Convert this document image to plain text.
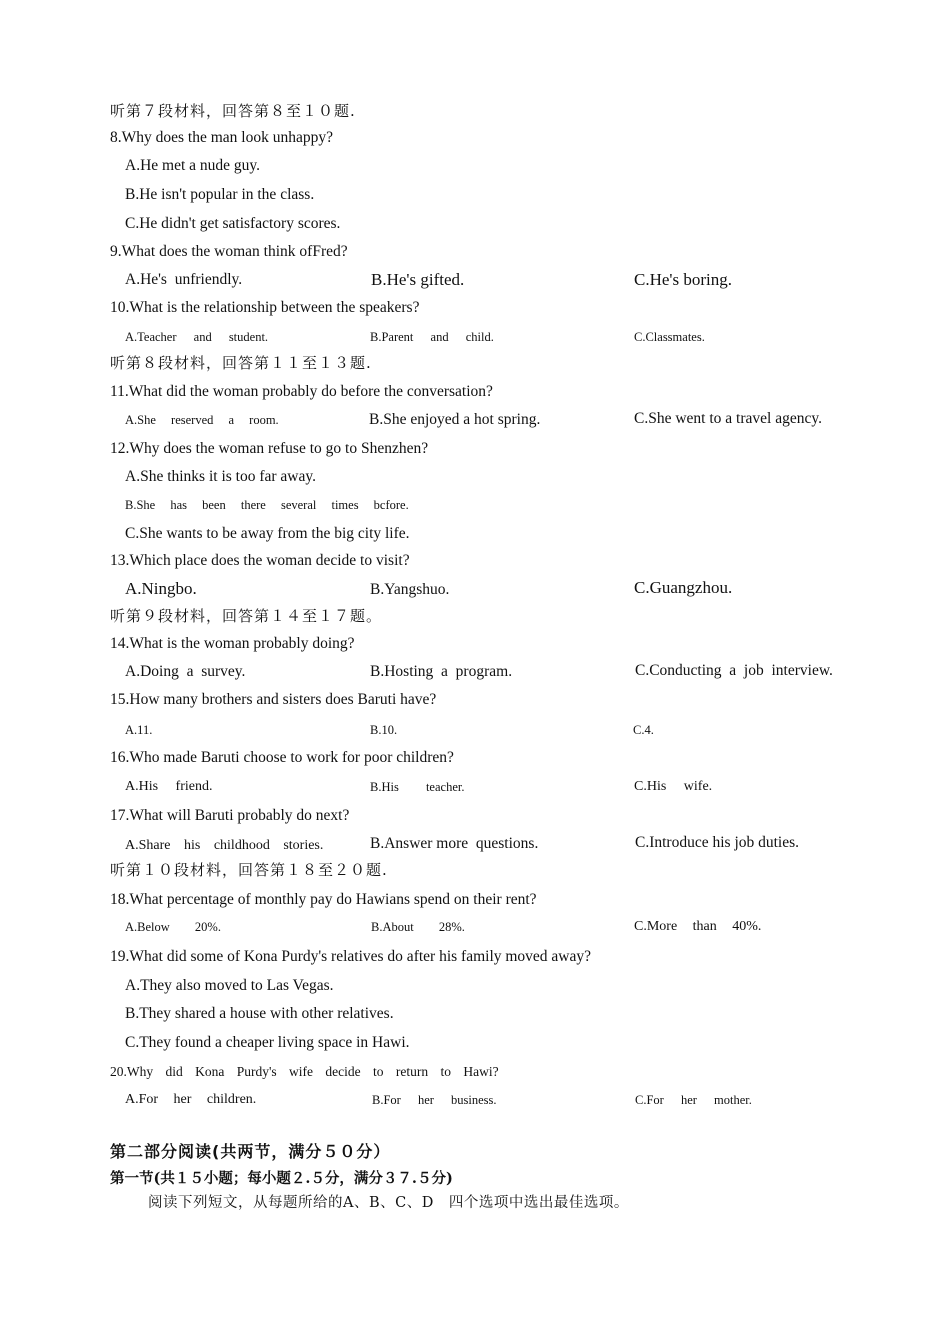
听第７段材料，回答第８至１０题.
8.Why does the man look unhappy?
A.He met a nude guy.
B.He isn't popular in the class.
C.He didn't get satisfactory scores.
9.What does the woman think ofFred?
A.He's  unfriendly.	B.He's gifted.	C.He's boring.
10.What is the relationship between the speakers?
A.Teacher and student.	B.Parent and child.	C.Classmates.
听第８段材料，回答第１１至１３题.
11.What did the woman probably do before the conversation?
A.She reserved a room.	B.She enjoyed a hot spring.	C.She went to a travel agency.
12.Why does the woman refuse to go to Shenzhen?
A.She thinks it is too far away.
B.She has been there several times bcfore.
C.She wants to be away from the big city life.
13.Which place does the woman decide to visit?
A.Ningbo.	B.Yangshuo.	C.Guangzhou.
听第９段材料，回答第１４至１７题。
14.What is the woman probably doing?
A.Doing  a  survey.	B.Hosting  a  program.	C.Conducting  a  job  interview.
15.How many brothers and sisters does Baruti have?
A.11.	B.10.	C.4.
16.Who made Baruti choose to work for poor children?
A.His friend.	B.His teacher.	C.His wife.
17.What will Baruti probably do next?
A.Share his childhood stories.	B.Answer more  questions.	C.Introduce his job duties.
听第１０段材料，回答第１８至２０题.
18.What percentage of monthly pay do Hawians spend on their rent?
A.Below 20%.	B.About 28%.	C.More than 40%.
19.What did some of Kona Purdy's relatives do after his family moved away?
A.They also moved to Las Vegas.
B.They shared a house with other relatives.
C.They found a cheaper living space in Hawi.
20.Why did Kona Purdy's wife decide to return to Hawi?
A.For her children.	B.For her business.	C.For her mother.
第二部分阅读(共两节，满分５０分）
第一节(共１５小题；每小题２.５分，满分３７.５分)
阅读下列短文，从每题所给的A、B、C、D　四个选项中选出最佳选项。
